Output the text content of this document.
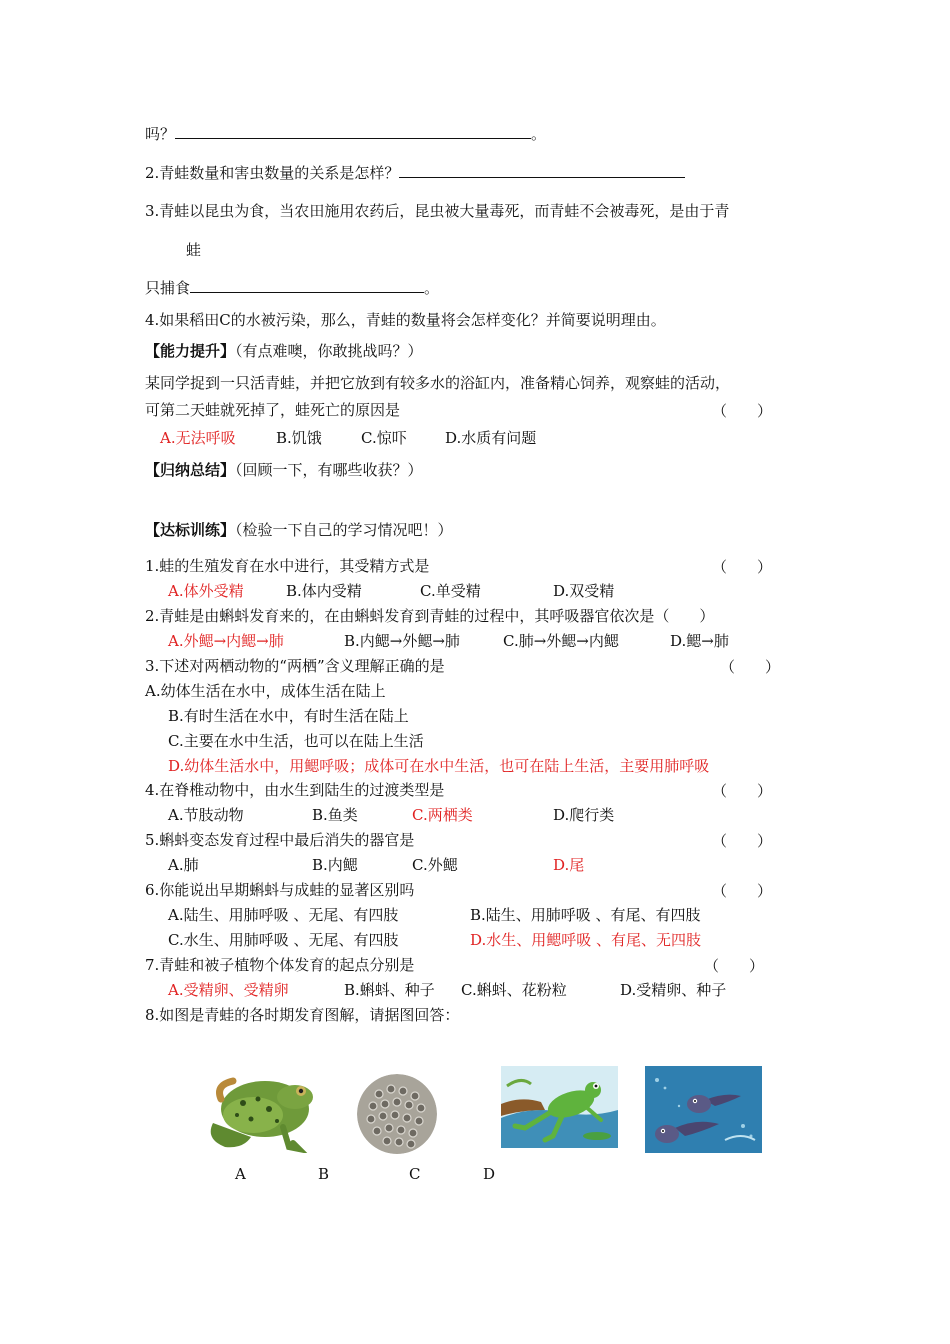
吗？	。
2.青蛙数量和害虫数量的关系是怎样？
3.青蛙以昆虫为食，当农田施用农药后，昆虫被大量毒死，而青蛙不会被毒死，是由于青
蛙
只捕食	。
4.如果稻田C的水被污染，那么，青蛙的数量将会怎样变化？并简要说明理由。
【能力提升】（有点难噢，你敢挑战吗？）
某同学捉到一只活青蛙，并把它放到有较多水的浴缸内，准备精心饲养，观察蛙的活动，
可第二天蛙就死掉了，蛙死亡的原因是	（　　）
A.无法呼吸	B.饥饿	C.惊吓	D.水质有问题
【归纳总结】（回顾一下，有哪些收获？）
【达标训练】（检验一下自己的学习情况吧！）
1.蛙的生殖发育在水中进行，其受精方式是	（　　）
A.体外受精	B.体内受精	C.单受精	D.双受精
2.青蛙是由蝌蚪发育来的，在由蝌蚪发育到青蛙的过程中，其呼吸器官依次是（　　）
A.外鳃→内鳃→肺	B.内鳃→外鳃→肺	C.肺→外鳃→内鳃	D.鳃→肺
3.下述对两栖动物的“两栖”含义理解正确的是	（　　）
A.幼体生活在水中，成体生活在陆上
B.有时生活在水中，有时生活在陆上
C.主要在水中生活，也可以在陆上生活
D.幼体生活水中，用鳃呼吸；成体可在水中生活，也可在陆上生活，主要用肺呼吸
4.在脊椎动物中，由水生到陆生的过渡类型是	（　　）
A.节肢动物	B.鱼类	C.两栖类	D.爬行类
5.蝌蚪变态发育过程中最后消失的器官是	（　　）
A.肺	B.内鳃	C.外鳃	D.尾
6.你能说出早期蝌蚪与成蛙的显著区别吗	（　　）
A.陆生、用肺呼吸 、无尾、有四肢	B.陆生、用肺呼吸 、有尾、有四肢
C.水生、用肺呼吸 、无尾、有四肢	D.水生、用鳃呼吸 、有尾、无四肢
7.青蛙和被子植物个体发育的起点分别是	（　　）
A.受精卵、受精卵	B.蝌蚪、种子 C.蝌蚪、花粉粒	D.受精卵、种子
8.如图是青蛙的各时期发育图解，请据图回答：
A	B	C	D
